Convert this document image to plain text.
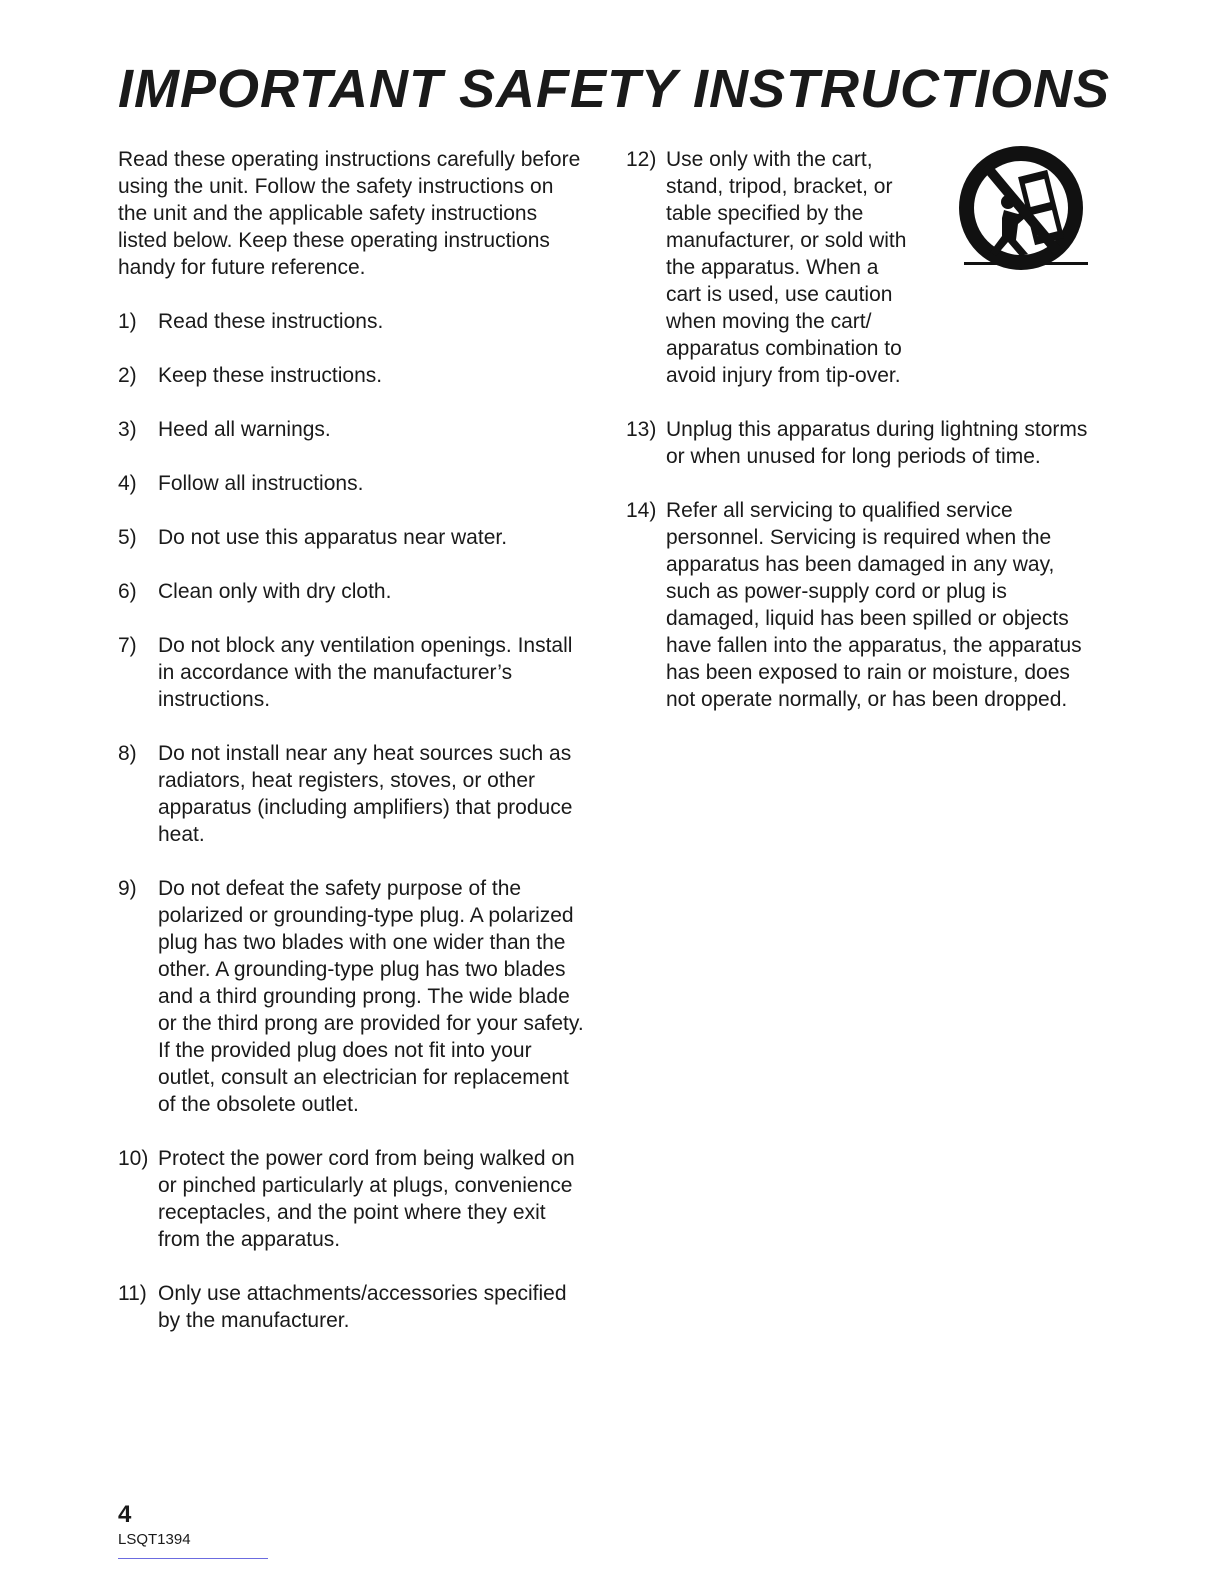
IMPORTANT SAFETY INSTRUCTIONS

Read these operating instructions carefully before using the unit. Follow the safety instructions on the unit and the applicable safety instructions listed below. Keep these operating instructions handy for future reference.

1) Read these instructions.
2) Keep these instructions.
3) Heed all warnings.
4) Follow all instructions.
5) Do not use this apparatus near water.
6) Clean only with dry cloth.
7) Do not block any ventilation openings. Install in accordance with the manufacturer’s instructions.
8) Do not install near any heat sources such as radiators, heat registers, stoves, or other apparatus (including amplifiers) that produce heat.
9) Do not defeat the safety purpose of the polarized or grounding-type plug. A polarized plug has two blades with one wider than the other. A grounding-type plug has two blades and a third grounding prong. The wide blade or the third prong are provided for your safety. If the provided plug does not fit into your outlet, consult an electrician for replacement of the obsolete outlet.
10) Protect the power cord from being walked on or pinched particularly at plugs, convenience receptacles, and the point where they exit from the apparatus.
11) Only use attachments/accessories specified by the manufacturer.
12) Use only with the cart, stand, tripod, bracket, or table specified by the manufacturer, or sold with the apparatus. When a cart is used, use caution when moving the cart/ apparatus combination to avoid injury from tip-over.
13) Unplug this apparatus during lightning storms or when unused for long periods of time.
14) Refer all servicing to qualified service personnel. Servicing is required when the apparatus has been damaged in any way, such as power-supply cord or plug is damaged, liquid has been spilled or objects have fallen into the apparatus, the apparatus has been exposed to rain or moisture, does not operate normally, or has been dropped.
4
LSQT1394
